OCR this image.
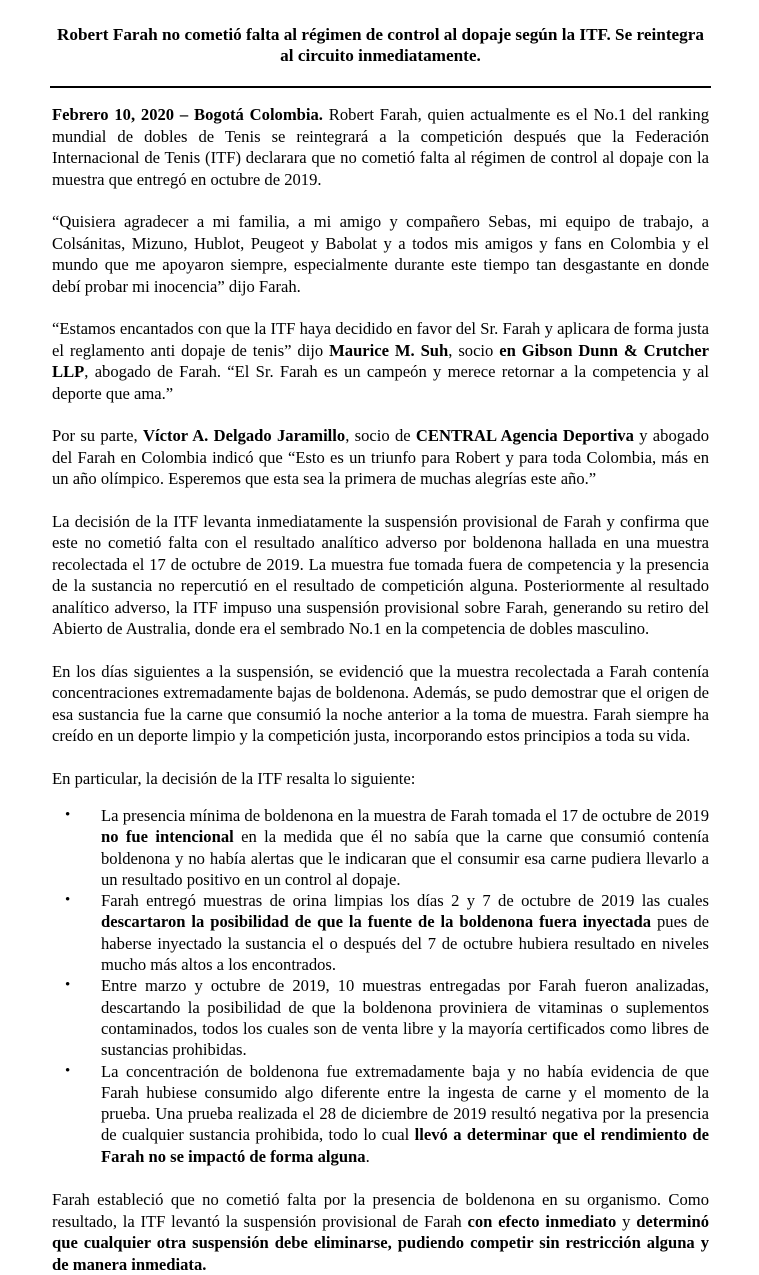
Robert Farah no cometió falta al régimen de control al dopaje según la ITF. Se reintegra al circuito inmediatamente.

Febrero 10, 2020 – Bogotá Colombia. Robert Farah, quien actualmente es el No.1 del ranking mundial de dobles de Tenis se reintegrará a la competición después que la Federación Internacional de Tenis (ITF) declarara que no cometió falta al régimen de control al dopaje con la muestra que entregó en octubre de 2019.

“Quisiera agradecer a mi familia, a mi amigo y compañero Sebas, mi equipo de trabajo, a Colsánitas, Mizuno, Hublot, Peugeot y Babolat y a todos mis amigos y fans en Colombia y el mundo que me apoyaron siempre, especialmente durante este tiempo tan desgastante en donde debí probar mi inocencia” dijo Farah.

“Estamos encantados con que la ITF haya decidido en favor del Sr. Farah y aplicara de forma justa el reglamento anti dopaje de tenis” dijo Maurice M. Suh, socio en Gibson Dunn & Crutcher LLP, abogado de Farah. “El Sr. Farah es un campeón y merece retornar a la competencia y al deporte que ama.”

Por su parte, Víctor A. Delgado Jaramillo, socio de CENTRAL Agencia Deportiva y abogado del Farah en Colombia indicó que “Esto es un triunfo para Robert y para toda Colombia, más en un año olímpico. Esperemos que esta sea la primera de muchas alegrías este año.”

La decisión de la ITF levanta inmediatamente la suspensión provisional de Farah y confirma que este no cometió falta con el resultado analítico adverso por boldenona hallada en una muestra recolectada el 17 de octubre de 2019. La muestra fue tomada fuera de competencia y la presencia de la sustancia no repercutió en el resultado de competición alguna. Posteriormente al resultado analítico adverso, la ITF impuso una suspensión provisional sobre Farah, generando su retiro del Abierto de Australia, donde era el sembrado No.1 en la competencia de dobles masculino.

En los días siguientes a la suspensión, se evidenció que la muestra recolectada a Farah contenía concentraciones extremadamente bajas de boldenona. Además, se pudo demostrar que el origen de esa sustancia fue la carne que consumió la noche anterior a la toma de muestra. Farah siempre ha creído en un deporte limpio y la competición justa, incorporando estos principios a toda su vida.

En particular, la decisión de la ITF resalta lo siguiente:

• La presencia mínima de boldenona en la muestra de Farah tomada el 17 de octubre de 2019 no fue intencional en la medida que él no sabía que la carne que consumió contenía boldenona y no había alertas que le indicaran que el consumir esa carne pudiera llevarlo a un resultado positivo en un control al dopaje.
• Farah entregó muestras de orina limpias los días 2 y 7 de octubre de 2019 las cuales descartaron la posibilidad de que la fuente de la boldenona fuera inyectada pues de haberse inyectado la sustancia el o después del 7 de octubre hubiera resultado en niveles mucho más altos a los encontrados.
• Entre marzo y octubre de 2019, 10 muestras entregadas por Farah fueron analizadas, descartando la posibilidad de que la boldenona proviniera de vitaminas o suplementos contaminados, todos los cuales son de venta libre y la mayoría certificados como libres de sustancias prohibidas.
• La concentración de boldenona fue extremadamente baja y no había evidencia de que Farah hubiese consumido algo diferente entre la ingesta de carne y el momento de la prueba. Una prueba realizada el 28 de diciembre de 2019 resultó negativa por la presencia de cualquier sustancia prohibida, todo lo cual llevó a determinar que el rendimiento de Farah no se impactó de forma alguna.

Farah estableció que no cometió falta por la presencia de boldenona en su organismo. Como resultado, la ITF levantó la suspensión provisional de Farah con efecto inmediato y determinó que cualquier otra suspensión debe eliminarse, pudiendo competir sin restricción alguna y de manera inmediata.
